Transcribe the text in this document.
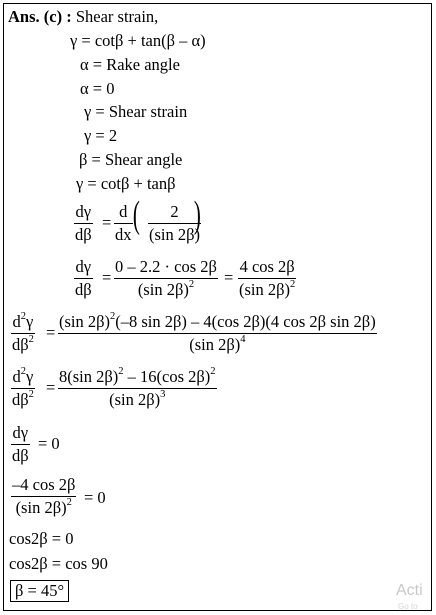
Ans. (c) : Shear strain,
γ = cotβ + tan(β – α)
α = Rake angle
α = 0
γ = Shear strain
γ = 2
β = Shear angle
γ = cotβ + tanβ
dγ
dβ
=
d
dx ( 2
(sin 2β)
)
dγ
dβ
=
0 – 2.2 · cos 2β
(sin 2β)$^2$ =
4 cos 2β
(sin 2β)$^2$
$d^2\gamma$
$d\beta^2$ =
(sin 2β)$^2$(–8 sin 2β) – 4(cos 2β)(4 cos 2β sin 2β)
(sin 2β)$^4$
$d^2\gamma$
$d\beta^2$ =
8(sin 2β)$^2$ – 16(cos 2β)$^2$
(sin 2β)$^3$
dγ
dβ
= 0
–4 cos 2β
(sin 2β)$^2$ = 0
cos2β = 0
cos2β = cos 90
β = 45°	Acti
Go to
